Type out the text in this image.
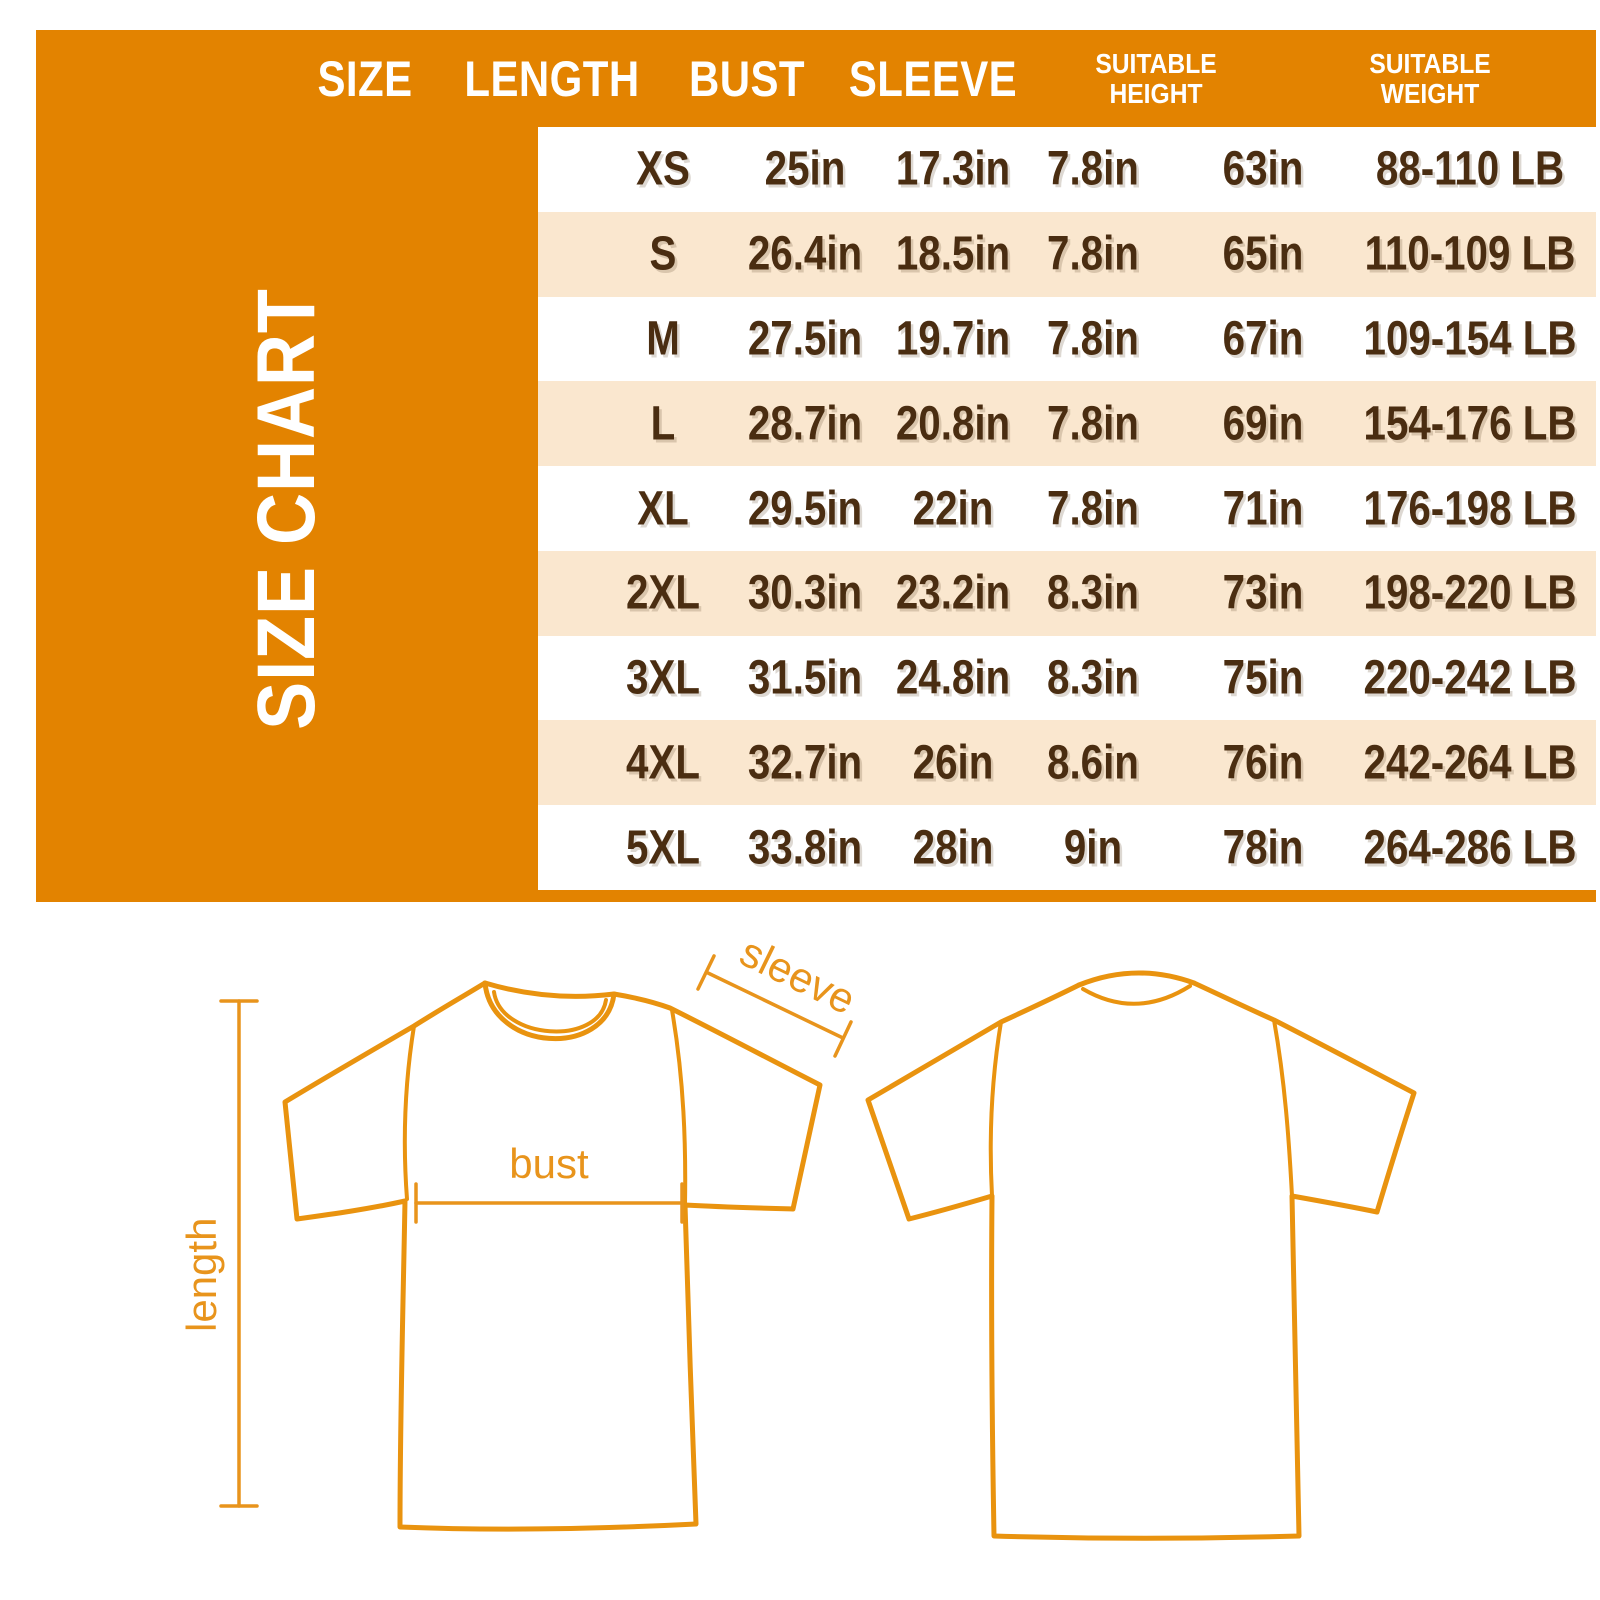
SIZE	LENGTH BUST SLEEVE	SUITABLE
HEIGHT
SUITABLE
WEIGHT
SIZE CHART
XS 25in 17.3in 7.8in 63in	88-110 LB
S 26.4in 18.5in 7.8in 65in	110-109 LB
M 27.5in 19.7in 7.8in 67in	109-154 LB
L 28.7in 20.8in 7.8in 69in	154-176 LB
XL 29.5in 22in 7.8in 71in	176-198 LB
2XL 30.3in 23.2in 8.3in 73in	198-220 LB
3XL 31.5in 24.8in 8.3in 75in	220-242 LB
4XL 32.7in 26in 8.6in 76in	242-264 LB
5XL 33.8in 28in 9in 78in	264-286 LB
length
bust
sleeve
